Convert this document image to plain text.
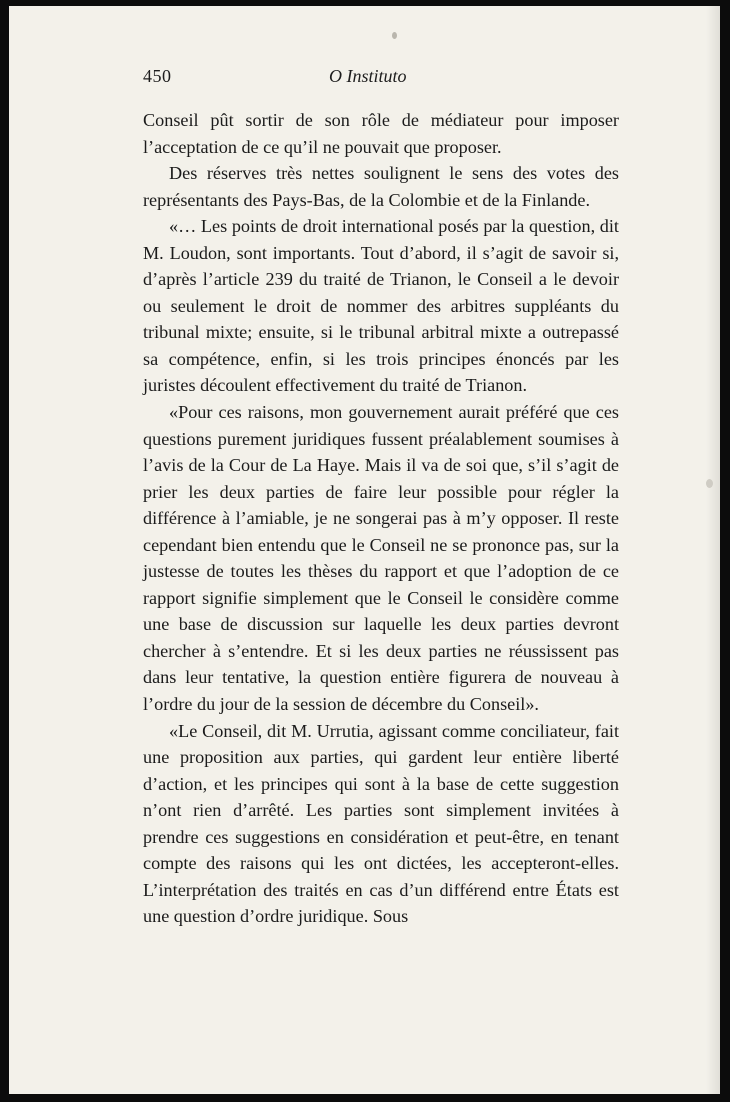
450	O Instituto

Conseil pût sortir de son rôle de médiateur pour imposer l’acceptation de ce qu’il ne pouvait que proposer.

Des réserves très nettes soulignent le sens des votes des représentants des Pays-Bas, de la Colombie et de la Finlande.

«… Les points de droit international posés par la question, dit M. Loudon, sont importants. Tout d’abord, il s’agit de savoir si, d’après l’article 239 du traité de Trianon, le Conseil a le devoir ou seulement le droit de nommer des arbitres suppléants du tribunal mixte; ensuite, si le tribunal arbitral mixte a outrepassé sa compétence, enfin, si les trois principes énoncés par les juristes découlent effectivement du traité de Trianon.

«Pour ces raisons, mon gouvernement aurait préféré que ces questions purement juridiques fussent préalablement soumises à l’avis de la Cour de La Haye. Mais il va de soi que, s’il s’agit de prier les deux parties de faire leur possible pour régler la différence à l’amiable, je ne songerai pas à m’y opposer. Il reste cependant bien entendu que le Conseil ne se prononce pas, sur la justesse de toutes les thèses du rapport et que l’adoption de ce rapport signifie simplement que le Conseil le considère comme une base de discussion sur laquelle les deux parties devront chercher à s’entendre. Et si les deux parties ne réussissent pas dans leur tentative, la question entière figurera de nouveau à l’ordre du jour de la session de décembre du Conseil».

«Le Conseil, dit M. Urrutia, agissant comme conciliateur, fait une proposition aux parties, qui gardent leur entière liberté d’action, et les principes qui sont à la base de cette suggestion n’ont rien d’arrêté. Les parties sont simplement invitées à prendre ces suggestions en considération et peut-être, en tenant compte des raisons qui les ont dictées, les accepteront-elles. L’interprétation des traités en cas d’un différend entre États est une question d’ordre juridique. Sous
